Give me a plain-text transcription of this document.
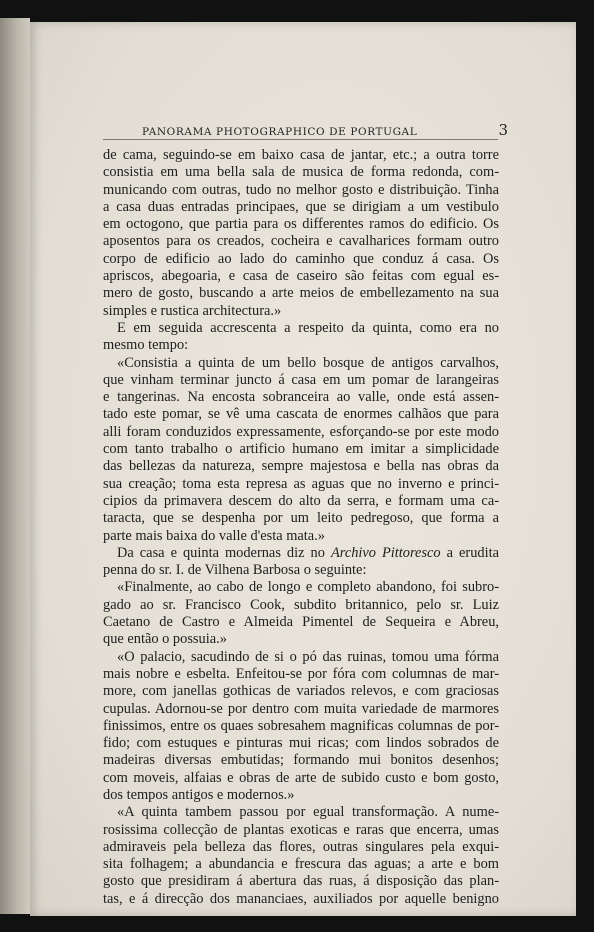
PANORAMA PHOTOGRAPHICO DE PORTUGAL	3
de cama, seguindo-se em baixo casa de jantar, etc.; a outra torre
consistia em uma bella sala de musica de forma redonda, com-
municando com outras, tudo no melhor gosto e distribuição. Tinha
a casa duas entradas principaes, que se dirigiam a um vestibulo
em octogono, que partia para os differentes ramos do edificio. Os
aposentos para os creados, cocheira e cavalharices formam outro
corpo de edificio ao lado do caminho que conduz á casa. Os
apriscos, abegoaria, e casa de caseiro são feitas com egual es-
mero de gosto, buscando a arte meios de embellezamento na sua
simples e rustica architectura.»
E em seguida accrescenta a respeito da quinta, como era no
mesmo tempo:
«Consistia a quinta de um bello bosque de antigos carvalhos,
que vinham terminar juncto á casa em um pomar de larangeiras
e tangerinas. Na encosta sobranceira ao valle, onde está assen-
tado este pomar, se vê uma cascata de enormes calhãos que para
alli foram conduzidos expressamente, esforçando-se por este modo
com tanto trabalho o artificio humano em imitar a simplicidade
das bellezas da natureza, sempre majestosa e bella nas obras da
sua creação; toma esta represa as aguas que no inverno e princi-
cipios da primavera descem do alto da serra, e formam uma ca-
taracta, que se despenha por um leito pedregoso, que forma a
parte mais baixa do valle d'esta mata.»
Da casa e quinta modernas diz no Archivo Pittoresco a erudita
penna do sr. I. de Vilhena Barbosa o seguinte:
«Finalmente, ao cabo de longo e completo abandono, foi subro-
gado ao sr. Francisco Cook, subdito britannico, pelo sr. Luiz
Caetano de Castro e Almeida Pimentel de Sequeira e Abreu,
que então o possuia.»
«O palacio, sacudindo de si o pó das ruinas, tomou uma fórma
mais nobre e esbelta. Enfeitou-se por fóra com columnas de mar-
more, com janellas gothicas de variados relevos, e com graciosas
cupulas. Adornou-se por dentro com muita variedade de marmores
finissimos, entre os quaes sobresahem magnificas columnas de por-
fido; com estuques e pinturas mui ricas; com lindos sobrados de
madeiras diversas embutidas; formando mui bonitos desenhos;
com moveis, alfaias e obras de arte de subido custo e bom gosto,
dos tempos antigos e modernos.»
«A quinta tambem passou por egual transformação. A nume-
rosissima collecção de plantas exoticas e raras que encerra, umas
admiraveis pela belleza das flores, outras singulares pela exqui-
sita folhagem; a abundancia e frescura das aguas; a arte e bom
gosto que presidiram á abertura das ruas, á disposição das plan-
tas, e á direcção dos mananciaes, auxiliados por aquelle benigno
